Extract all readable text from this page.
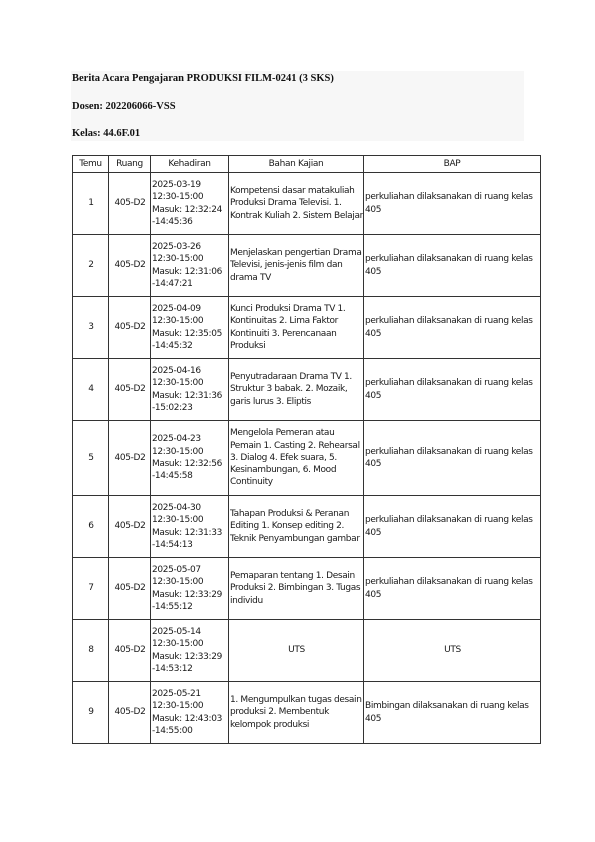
Berita Acara Pengajaran PRODUKSI FILM-0241 (3 SKS)
Dosen: 202206066-VSS
Kelas: 44.6F.01
Temu	Ruang	Kehadiran	Bahan Kajian	BAP
1	405-D2	2025-03-19
12:30-15:00
Masuk: 12:32:24
-14:45:36	Kompetensi dasar matakuliah Produksi Drama Televisi. 1. Kontrak Kuliah 2. Sistem Belajar	perkuliahan dilaksanakan di ruang kelas 405
2	405-D2	2025-03-26
12:30-15:00
Masuk: 12:31:06
-14:47:21	Menjelaskan pengertian Drama Televisi, jenis-jenis film dan drama TV	perkuliahan dilaksanakan di ruang kelas 405
3	405-D2	2025-04-09
12:30-15:00
Masuk: 12:35:05
-14:45:32	Kunci Produksi Drama TV 1. Kontinuitas 2. Lima Faktor Kontinuiti 3. Perencanaan Produksi	perkuliahan dilaksanakan di ruang kelas 405
4	405-D2	2025-04-16
12:30-15:00
Masuk: 12:31:36
-15:02:23	Penyutradaraan Drama TV 1. Struktur 3 babak. 2. Mozaik, garis lurus 3. Eliptis	perkuliahan dilaksanakan di ruang kelas 405
5	405-D2	2025-04-23
12:30-15:00
Masuk: 12:32:56
-14:45:58	Mengelola Pemeran atau Pemain 1. Casting 2. Rehearsal 3. Dialog 4. Efek suara, 5. Kesinambungan, 6. Mood Continuity	perkuliahan dilaksanakan di ruang kelas 405
6	405-D2	2025-04-30
12:30-15:00
Masuk: 12:31:33
-14:54:13	Tahapan Produksi & Peranan Editing 1. Konsep editing 2. Teknik Penyambungan gambar	perkuliahan dilaksanakan di ruang kelas 405
7	405-D2	2025-05-07
12:30-15:00
Masuk: 12:33:29
-14:55:12	Pemaparan tentang 1. Desain Produksi 2. Bimbingan 3. Tugas individu	perkuliahan dilaksanakan di ruang kelas 405
8	405-D2	2025-05-14
12:30-15:00
Masuk: 12:33:29
-14:53:12	UTS	UTS
9	405-D2	2025-05-21
12:30-15:00
Masuk: 12:43:03
-14:55:00	1. Mengumpulkan tugas desain produksi 2. Membentuk kelompok produksi	Bimbingan dilaksanakan di ruang kelas 405
